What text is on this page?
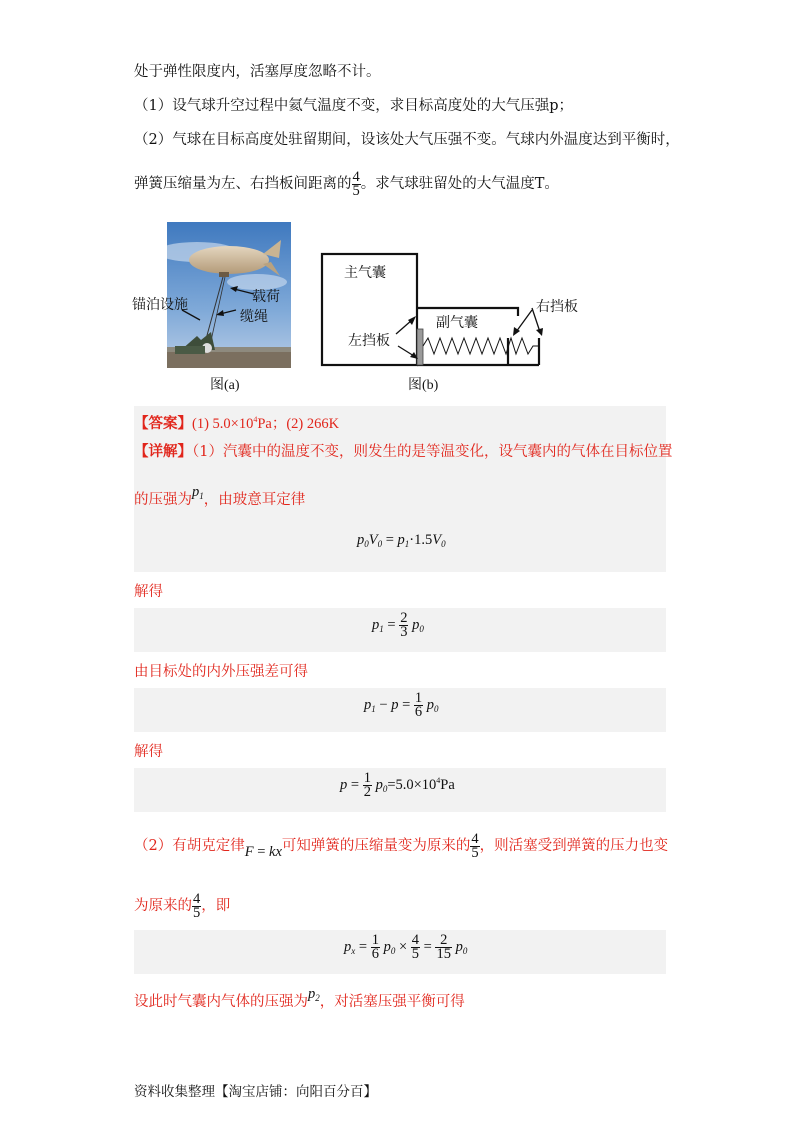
处于弹性限度内，活塞厚度忽略不计。
（1）设气球升空过程中氦气温度不变，求目标高度处的大气压强p；
（2）气球在目标高度处驻留期间，设该处大气压强不变。气球内外温度达到平衡时，
弹簧压缩量为左、右挡板间距离的 $\frac{4}{5}$ 。求气球驻留处的大气温度T。
载荷
缆绳
锚泊设施
图(a)
主气囊
副气囊
左挡板
右挡板
图(b)
【答案】(1) $5.0\times 10^4Pa$；(2) 266K
【详解】（1）汽囊中的温度不变，则发生的是等温变化，设气囊内的气体在目标位置
的压强为$p_1$，由玻意耳定律
$p_0V_0 = p_1\cdot 1.5V_0$
解得
$p_1 = \frac{2}{3} p_0$
由目标处的内外压强差可得
$p_1 - p = \frac{1}{6} p_0$
解得
$p = \frac{1}{2} p_0=5.0\times 10^4Pa$
（2）有胡克定律F = kx可知弹簧的压缩量变为原来的 $\frac{4}{5}$ ，则活塞受到弹簧的压力也变
为原来的 $\frac{4}{5}$ ，即
$p_x = \frac{1}{6} p_0 \times \frac{4}{5} = \frac{2}{15} p_0$
设此时气囊内气体的压强为$p_2$，对活塞压强平衡可得
资料收集整理【淘宝店铺：向阳百分百】
